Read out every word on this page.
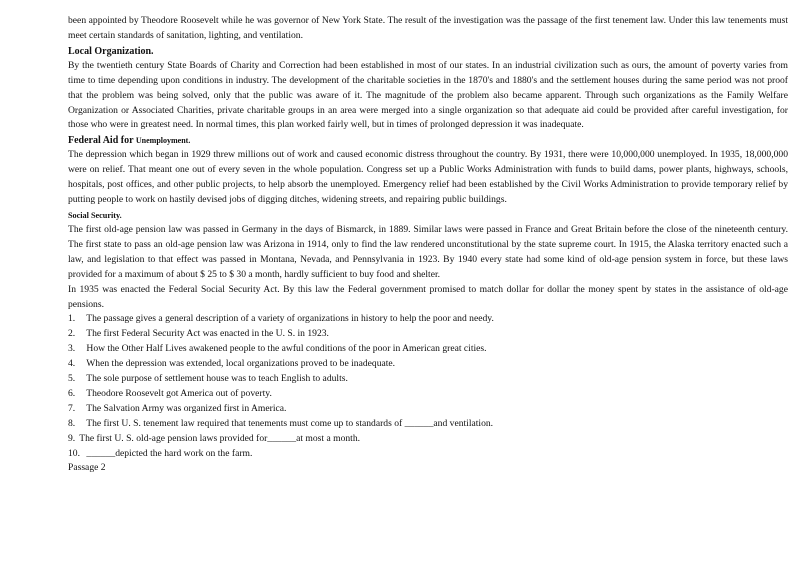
been appointed by Theodore Roosevelt while he was governor of New York State. The result of the investigation was the passage of the first tenement law. Under this law tenements must meet certain standards of sanitation, lighting, and ventilation.

Local Organization.

By the twentieth century State Boards of Charity and Correction had been established in most of our states. In an industrial civilization such as ours, the amount of poverty varies from time to time depending upon conditions in industry. The development of the charitable societies in the 1870's and 1880's and the settlement houses during the same period was not proof that the problem was being solved, only that the public was aware of it. The magnitude of the problem also became apparent. Through such organizations as the Family Welfare Organization or Associated Charities, private charitable groups in an area were merged into a single organization so that adequate aid could be provided after careful investigation, for those who were in greatest need. In normal times, this plan worked fairly well, but in times of prolonged depression it was inadequate.

Federal Aid for Unemployment.

The depression which began in 1929 threw millions out of work and caused economic distress throughout the country. By 1931, there were 10,000,000 unemployed. In 1935, 18,000,000 were on relief. That meant one out of every seven in the whole population. Congress set up a Public Works Administration with funds to build dams, power plants, highways, schools, hospitals, post offices, and other public projects, to help absorb the unemployed. Emergency relief had been established by the Civil Works Administration to provide temporary relief by putting people to work on hastily devised jobs of digging ditches, widening streets, and repairing public buildings.

Social Security.

The first old-age pension law was passed in Germany in the days of Bismarck, in 1889. Similar laws were passed in France and Great Britain before the close of the nineteenth century. The first state to pass an old-age pension law was Arizona in 1914, only to find the law rendered unconstitutional by the state supreme court. In 1915, the Alaska territory enacted such a law, and legislation to that effect was passed in Montana, Nevada, and Pennsylvania in 1923. By 1940 every state had some kind of old-age pension system in force, but these laws provided for a maximum of about $ 25 to $ 30 a month, hardly sufficient to buy food and shelter.

In 1935 was enacted the Federal Social Security Act. By this law the Federal government promised to match dollar for dollar the money spent by states in the assistance of old-age pensions.

1. The passage gives a general description of a variety of organizations in history to help the poor and needy.

2. The first Federal Security Act was enacted in the U. S. in 1923.

3. How the Other Half Lives awakened people to the awful conditions of the poor in American great cities.

4. When the depression was extended, local organizations proved to be inadequate.

5. The sole purpose of settlement house was to teach English to adults.

6. Theodore Roosevelt got America out of poverty.

7. The Salvation Army was organized first in America.

8. The first U. S. tenement law required that tenements must come up to standards of ______and ventilation.

9. The first U. S. old-age pension laws provided for______at most a month.

10. ______depicted the hard work on the farm.

Passage 2
